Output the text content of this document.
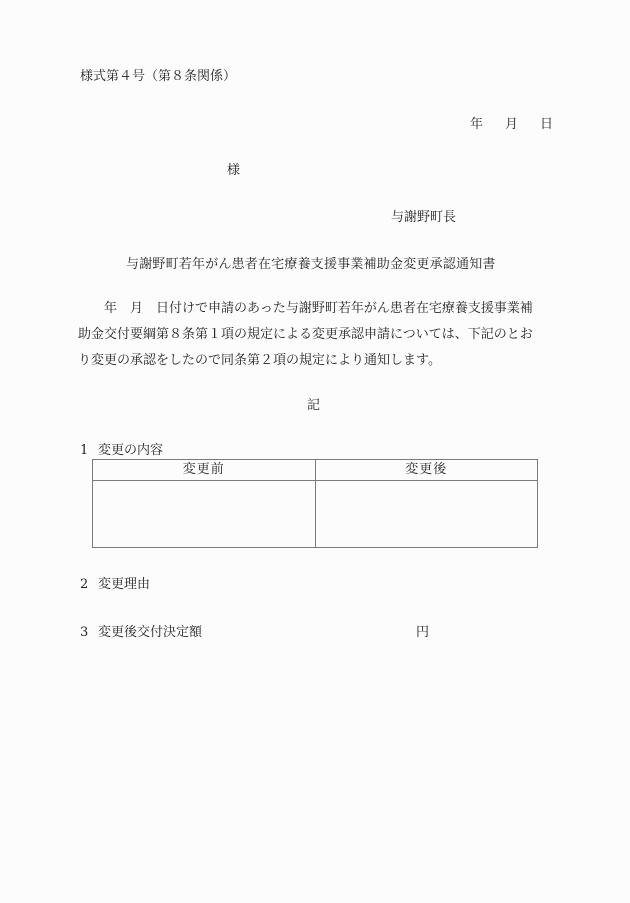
様式第４号（第８条関係）
年 月 日
様
与謝野町長
与謝野町若年がん患者在宅療養支援事業補助金変更承認通知書
　　年　月　日付けで申請のあった与謝野町若年がん患者在宅療養支援事業補
助金交付要綱第８条第１項の規定による変更承認申請については、下記のとお
り変更の承認をしたので同条第２項の規定により通知します。
記
1 変更の内容
変更前	変更後

2 変更理由
3 変更後交付決定額	円
